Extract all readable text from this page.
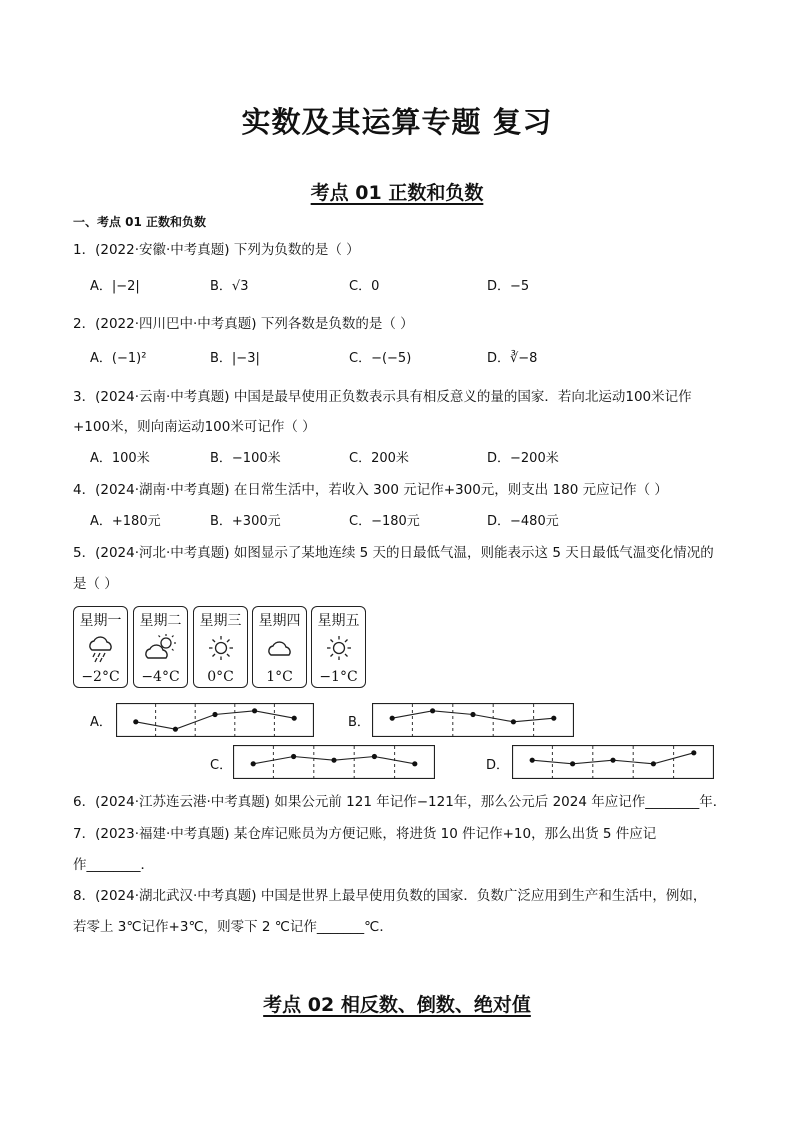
实数及其运算专题 复习
考点 01 正数和负数
一、考点 01 正数和负数
1．(2022·安徽·中考真题) 下列为负数的是（ ）
A．|−2|	B．√3	C．0	D．−5
2．(2022·四川巴中·中考真题) 下列各数是负数的是（ ）
A．(−1)²	B．|−3|	C．−(−5)	D．∛−8
3．(2024·云南·中考真题) 中国是最早使用正负数表示具有相反意义的量的国家．若向北运动100米记作
+100米，则向南运动100米可记作（ ）
A．100米	B．−100米	C．200米	D．−200米
4．(2024·湖南·中考真题) 在日常生活中，若收入 300 元记作+300元，则支出 180 元应记作（ ）
A．+180元	B．+300元	C．−180元	D．−480元
5．(2024·河北·中考真题) 如图显示了某地连续 5 天的日最低气温，则能表示这 5 天日最低气温变化情况的
是（ ）
星期一
−2°C
星期二
−4°C
星期三
0°C
星期四
1°C
星期五
−1°C
A．	B．
C．	D．
6．(2024·江苏连云港·中考真题) 如果公元前 121 年记作−121年，那么公元后 2024 年应记作________年．
7．(2023·福建·中考真题) 某仓库记账员为方便记账，将进货 10 件记作+10，那么出货 5 件应记
作________．
8．(2024·湖北武汉·中考真题) 中国是世界上最早使用负数的国家．负数广泛应用到生产和生活中，例如，
若零上 3℃记作+3℃，则零下 2 ℃记作_______℃．
考点 02 相反数、倒数、绝对值
